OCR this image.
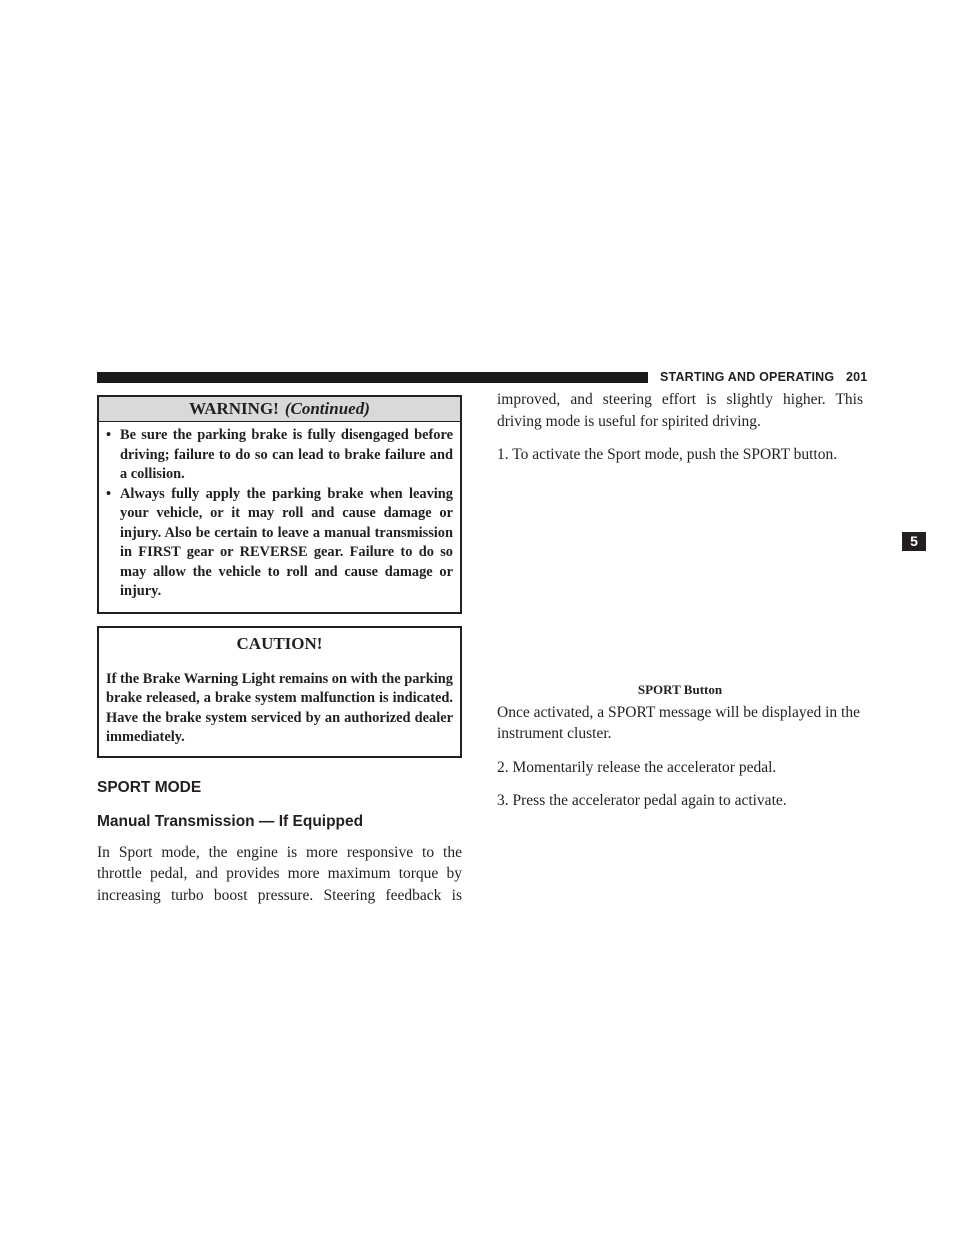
STARTING AND OPERATING 201
5
WARNING! (Continued)
• Be sure the parking brake is fully disengaged before driving; failure to do so can lead to brake failure and a collision.
• Always fully apply the parking brake when leaving your vehicle, or it may roll and cause damage or injury. Also be certain to leave a manual transmission in FIRST gear or REVERSE gear. Failure to do so may allow the vehicle to roll and cause damage or injury.
CAUTION!

If the Brake Warning Light remains on with the parking brake released, a brake system malfunction is indicated. Have the brake system serviced by an authorized dealer immediately.

SPORT MODE
Manual Transmission — If Equipped

In Sport mode, the engine is more responsive to the throttle pedal, and provides more maximum torque by increasing turbo boost pressure. Steering feedback is

improved, and steering effort is slightly higher. This driving mode is useful for spirited driving.

1. To activate the Sport mode, push the SPORT button.

SPORT Button

Once activated, a SPORT message will be displayed in the instrument cluster.

2. Momentarily release the accelerator pedal.

3. Press the accelerator pedal again to activate.
